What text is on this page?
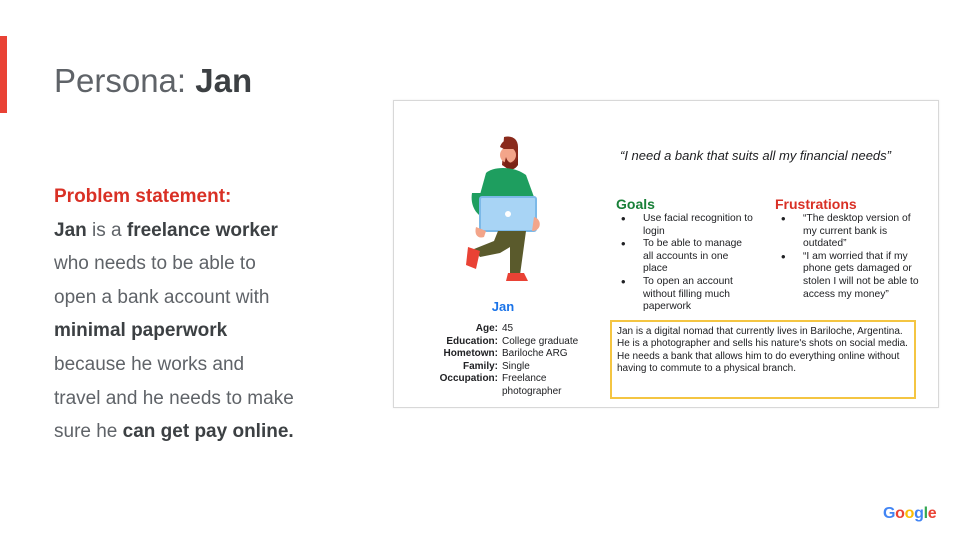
Persona: Jan
Problem statement:
Jan is a freelance worker who needs to be able to open a bank account with minimal paperwork because he works and travel and he needs to make sure he can get pay online.
“I need a bank that suits all my financial needs”
Goals
• Use facial recognition to login
• To be able to manage all accounts in one place
• To open an account without filling much paperwork
Frustrations
• “The desktop version of my current bank is outdated”
• “I am worried that if my phone gets damaged or stolen I will not be able to access my money”
Jan
Age: 45
Education: College graduate
Hometown: Bariloche ARG
Family: Single
Occupation: Freelance photographer

Jan is a digital nomad that currently lives in Bariloche, Argentina. He is a photographer and sells his nature's shots on social media.

He needs a bank that allows him to do everything online without having to commute to a physical branch.

Google
